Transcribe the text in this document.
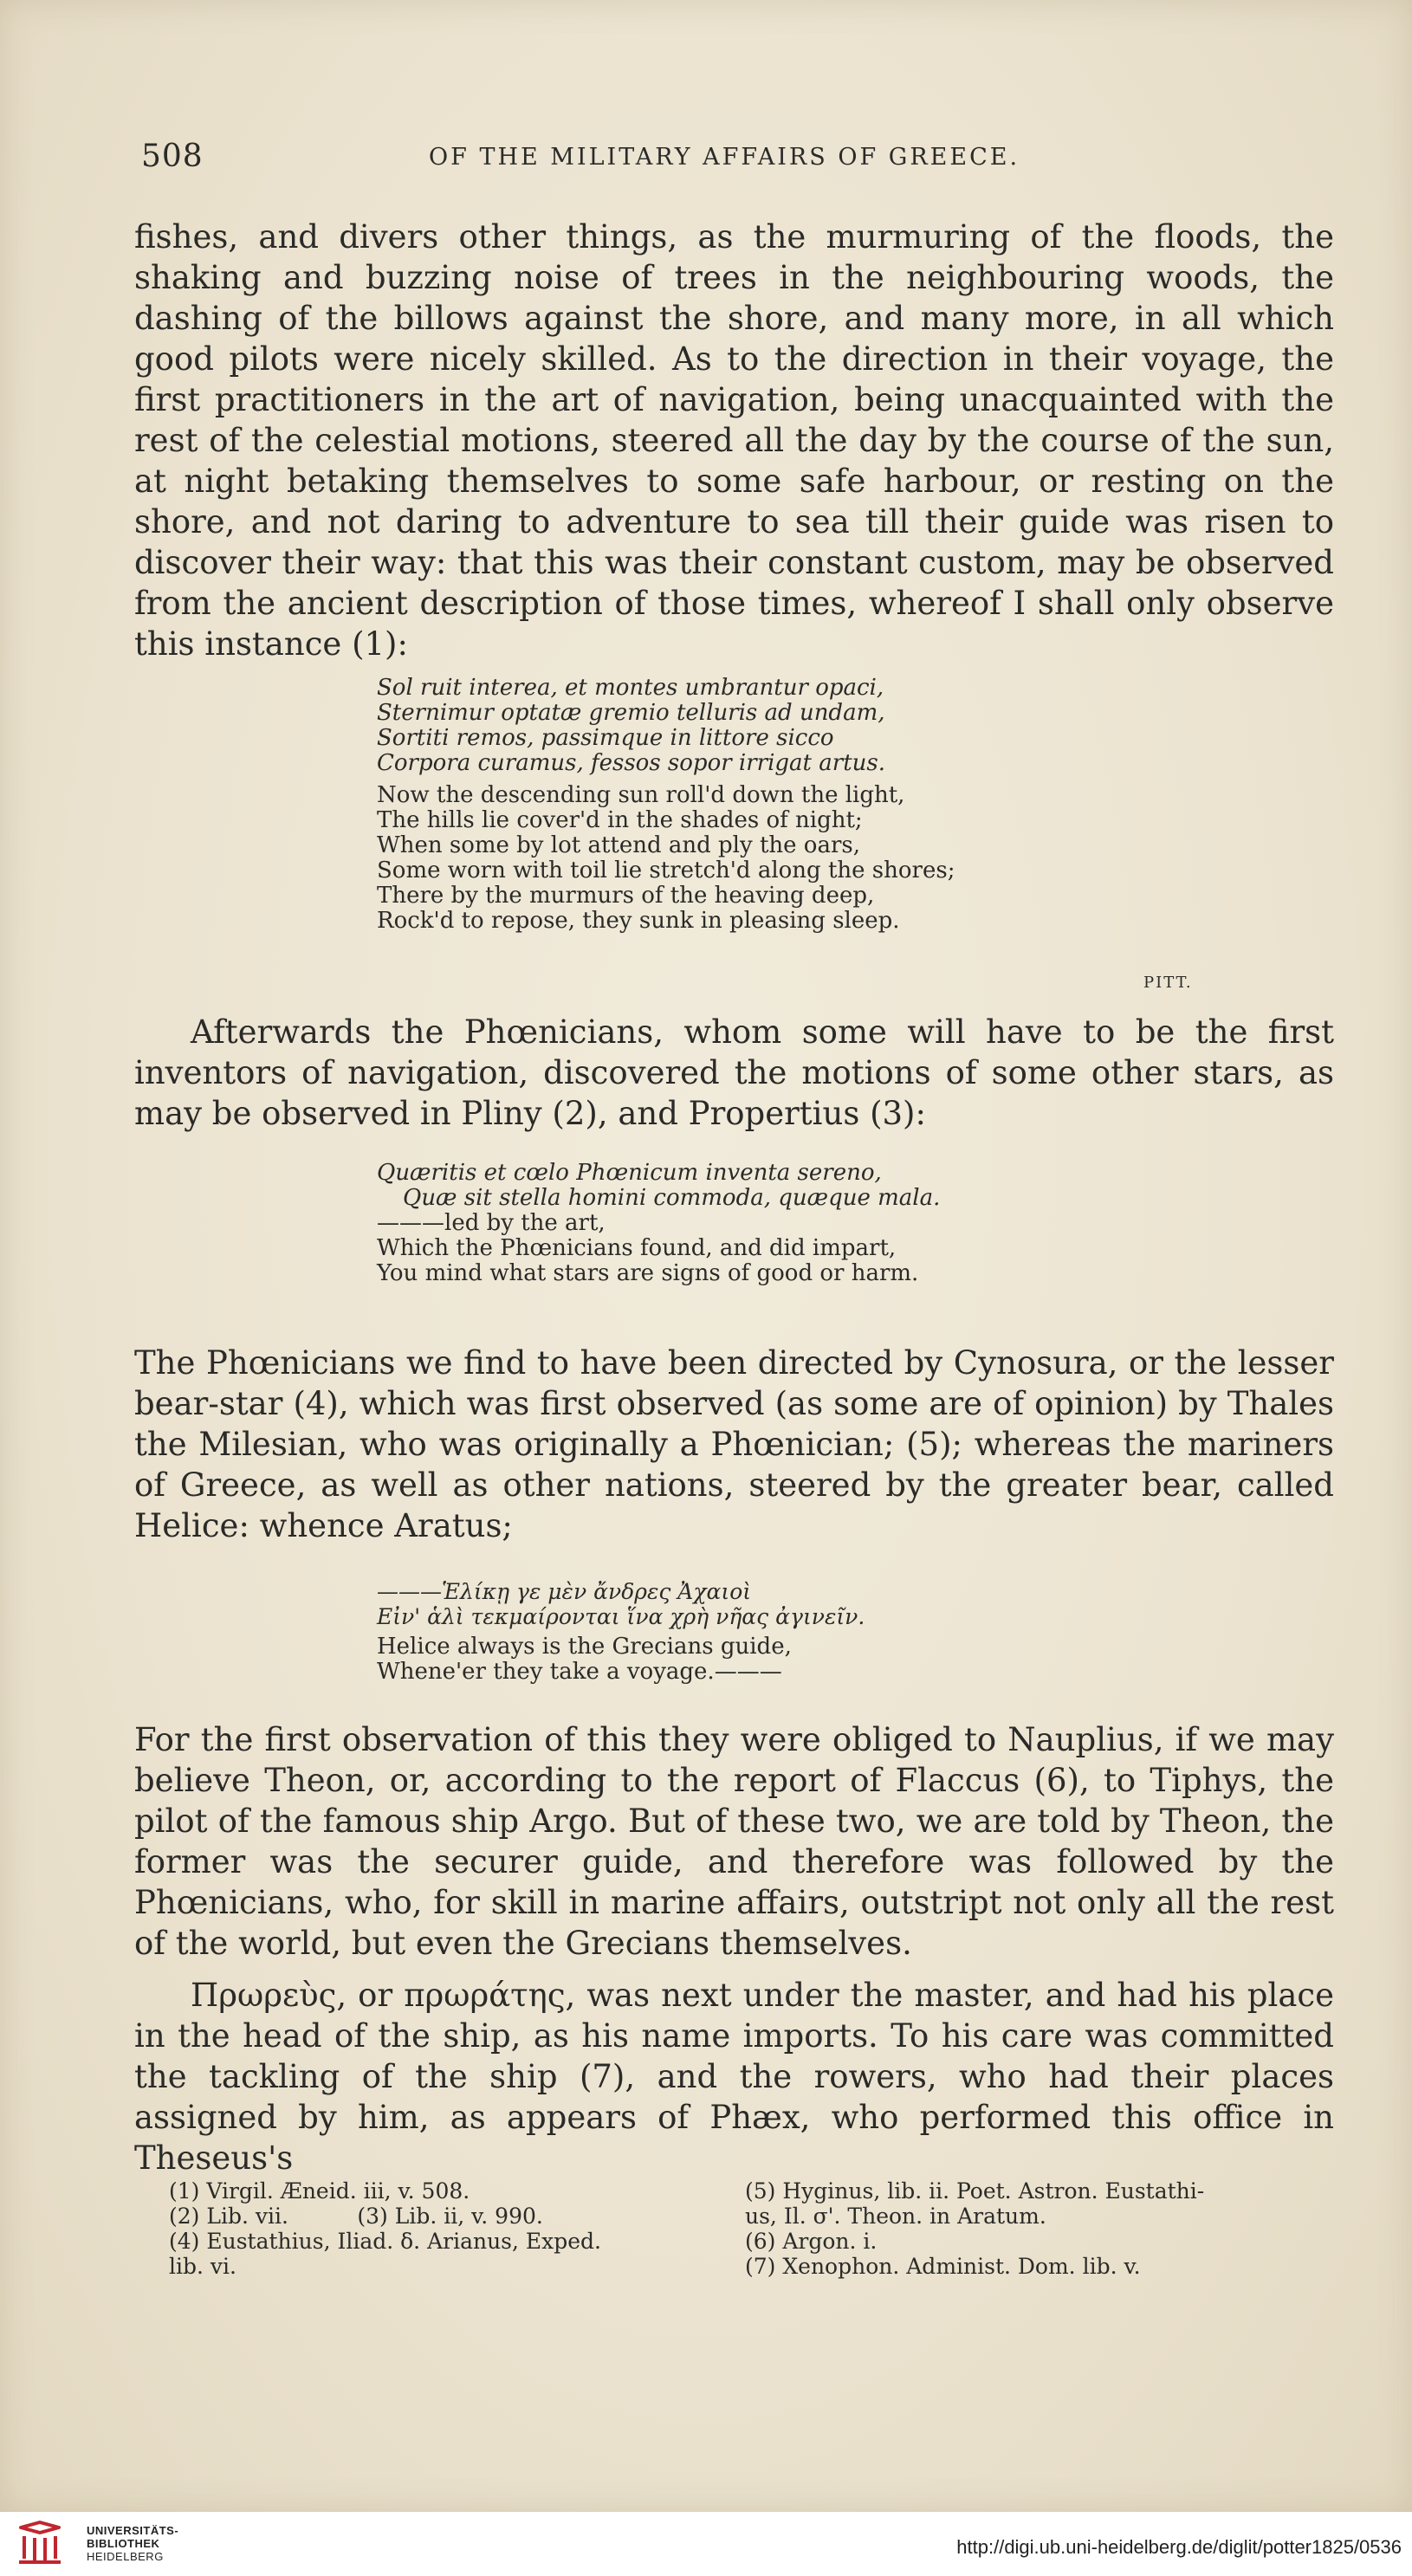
508	OF THE MILITARY AFFAIRS OF GREECE.

fishes, and divers other things, as the murmuring of the floods, the shaking and buzzing noise of trees in the neighbouring woods, the dashing of the billows against the shore, and many more, in all which good pilots were nicely skilled. As to the direction in their voyage, the first practitioners in the art of navigation, being unacquainted with the rest of the celestial motions, steered all the day by the course of the sun, at night betaking themselves to some safe harbour, or resting on the shore, and not daring to adventure to sea till their guide was risen to discover their way: that this was their constant custom, may be observed from the ancient description of those times, whereof I shall only observe this instance (1):

Sol ruit interea, et montes umbrantur opaci,
Sternimur optatæ gremio telluris ad undam,
Sortiti remos, passimque in littore sicco
Corpora curamus, fessos sopor irrigat artus.
Now the descending sun roll'd down the light,
The hills lie cover'd in the shades of night;
When some by lot attend and ply the oars,
Some worn with toil lie stretch'd along the shores;
There by the murmurs of the heaving deep,
Rock'd to repose, they sunk in pleasing sleep.
PITT.

Afterwards the Phœnicians, whom some will have to be the first inventors of navigation, discovered the motions of some other stars, as may be observed in Pliny (2), and Propertius (3):

Quæritis et cœlo Phœnicum inventa sereno,
Quæ sit stella homini commoda, quæque mala.
———led by the art,
Which the Phœnicians found, and did impart,
You mind what stars are signs of good or harm.

The Phœnicians we find to have been directed by Cynosura, or the lesser bear-star (4), which was first observed (as some are of opinion) by Thales the Milesian, who was originally a Phœnician; (5); whereas the mariners of Greece, as well as other nations, steered by the greater bear, called Helice: whence Aratus;

———Ἑλίκῃ γε μὲν ἄνδρες Ἀχαιοὶ
Εἰν' ἁλὶ τεκμαίρονται ἵνα χρὴ νῆας ἀγινεῖν.
Helice always is the Grecians guide,
Whene'er they take a voyage.———

For the first observation of this they were obliged to Nauplius, if we may believe Theon, or, according to the report of Flaccus (6), to Tiphys, the pilot of the famous ship Argo. But of these two, we are told by Theon, the former was the securer guide, and therefore was followed by the Phœnicians, who, for skill in marine affairs, outstript not only all the rest of the world, but even the Grecians themselves.

Πρωρεὺς, or πρωράτης, was next under the master, and had his place in the head of the ship, as his name imports. To his care was committed the tackling of the ship (7), and the rowers, who had their places assigned by him, as appears of Phæx, who performed this office in Theseus's

(1) Virgil. Æneid. iii, v. 508.
(2) Lib. vii.          (3) Lib. ii, v. 990.
(4) Eustathius, Iliad. δ. Arianus, Exped.
lib. vi.
(5) Hyginus, lib. ii. Poet. Astron. Eustathi-
us, Il. σ'. Theon. in Aratum.
(6) Argon. i.
(7) Xenophon. Administ. Dom. lib. v.
UNIVERSITÄTS-
BIBLIOTHEK
HEIDELBERG	http://digi.ub.uni-heidelberg.de/diglit/potter1825/0536
